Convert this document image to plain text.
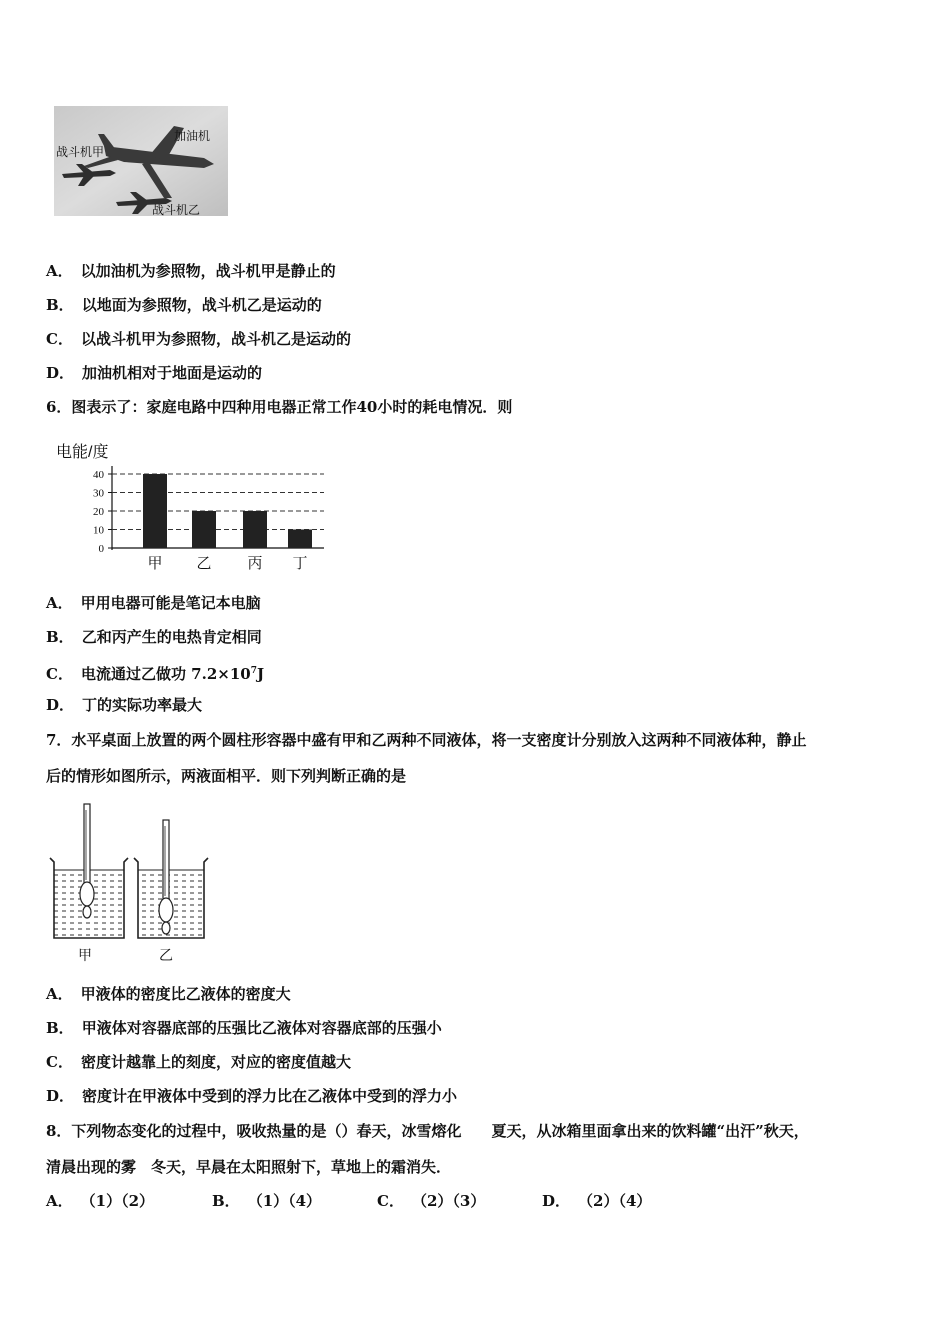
加油机
战斗机甲
战斗机乙
A． 以加油机为参照物，战斗机甲是静止的
B． 以地面为参照物，战斗机乙是运动的
C． 以战斗机甲为参照物，战斗机乙是运动的
D． 加油机相对于地面是运动的
6．图表示了：家庭电路中四种用电器正常工作40小时的耗电情况．则
电能/度
0
10
20
30
40
甲 乙 丙 丁
A． 甲用电器可能是笔记本电脑
B． 乙和丙产生的电热肯定相同
C． 电流通过乙做功 $7.2\times 10^7J$
D． 丁的实际功率最大
7．水平桌面上放置的两个圆柱形容器中盛有甲和乙两种不同液体，将一支密度计分别放入这两种不同液体种，静止
后的情形如图所示，两液面相平．则下列判断正确的是
甲	乙
A． 甲液体的密度比乙液体的密度大
B． 甲液体对容器底部的压强比乙液体对容器底部的压强小
C． 密度计越靠上的刻度，对应的密度值越大
D． 密度计在甲液体中受到的浮力比在乙液体中受到的浮力小
8．下列物态变化的过程中，吸收热量的是（）春天，冰雪熔化　　夏天，从冰箱里面拿出来的饮料罐“出汗”秋天，
清晨出现的雾　冬天，早晨在太阳照射下，草地上的霜消失．
A． （1）（2）	B． （1）（4）	C． （2）（3）	D． （2）（4）
